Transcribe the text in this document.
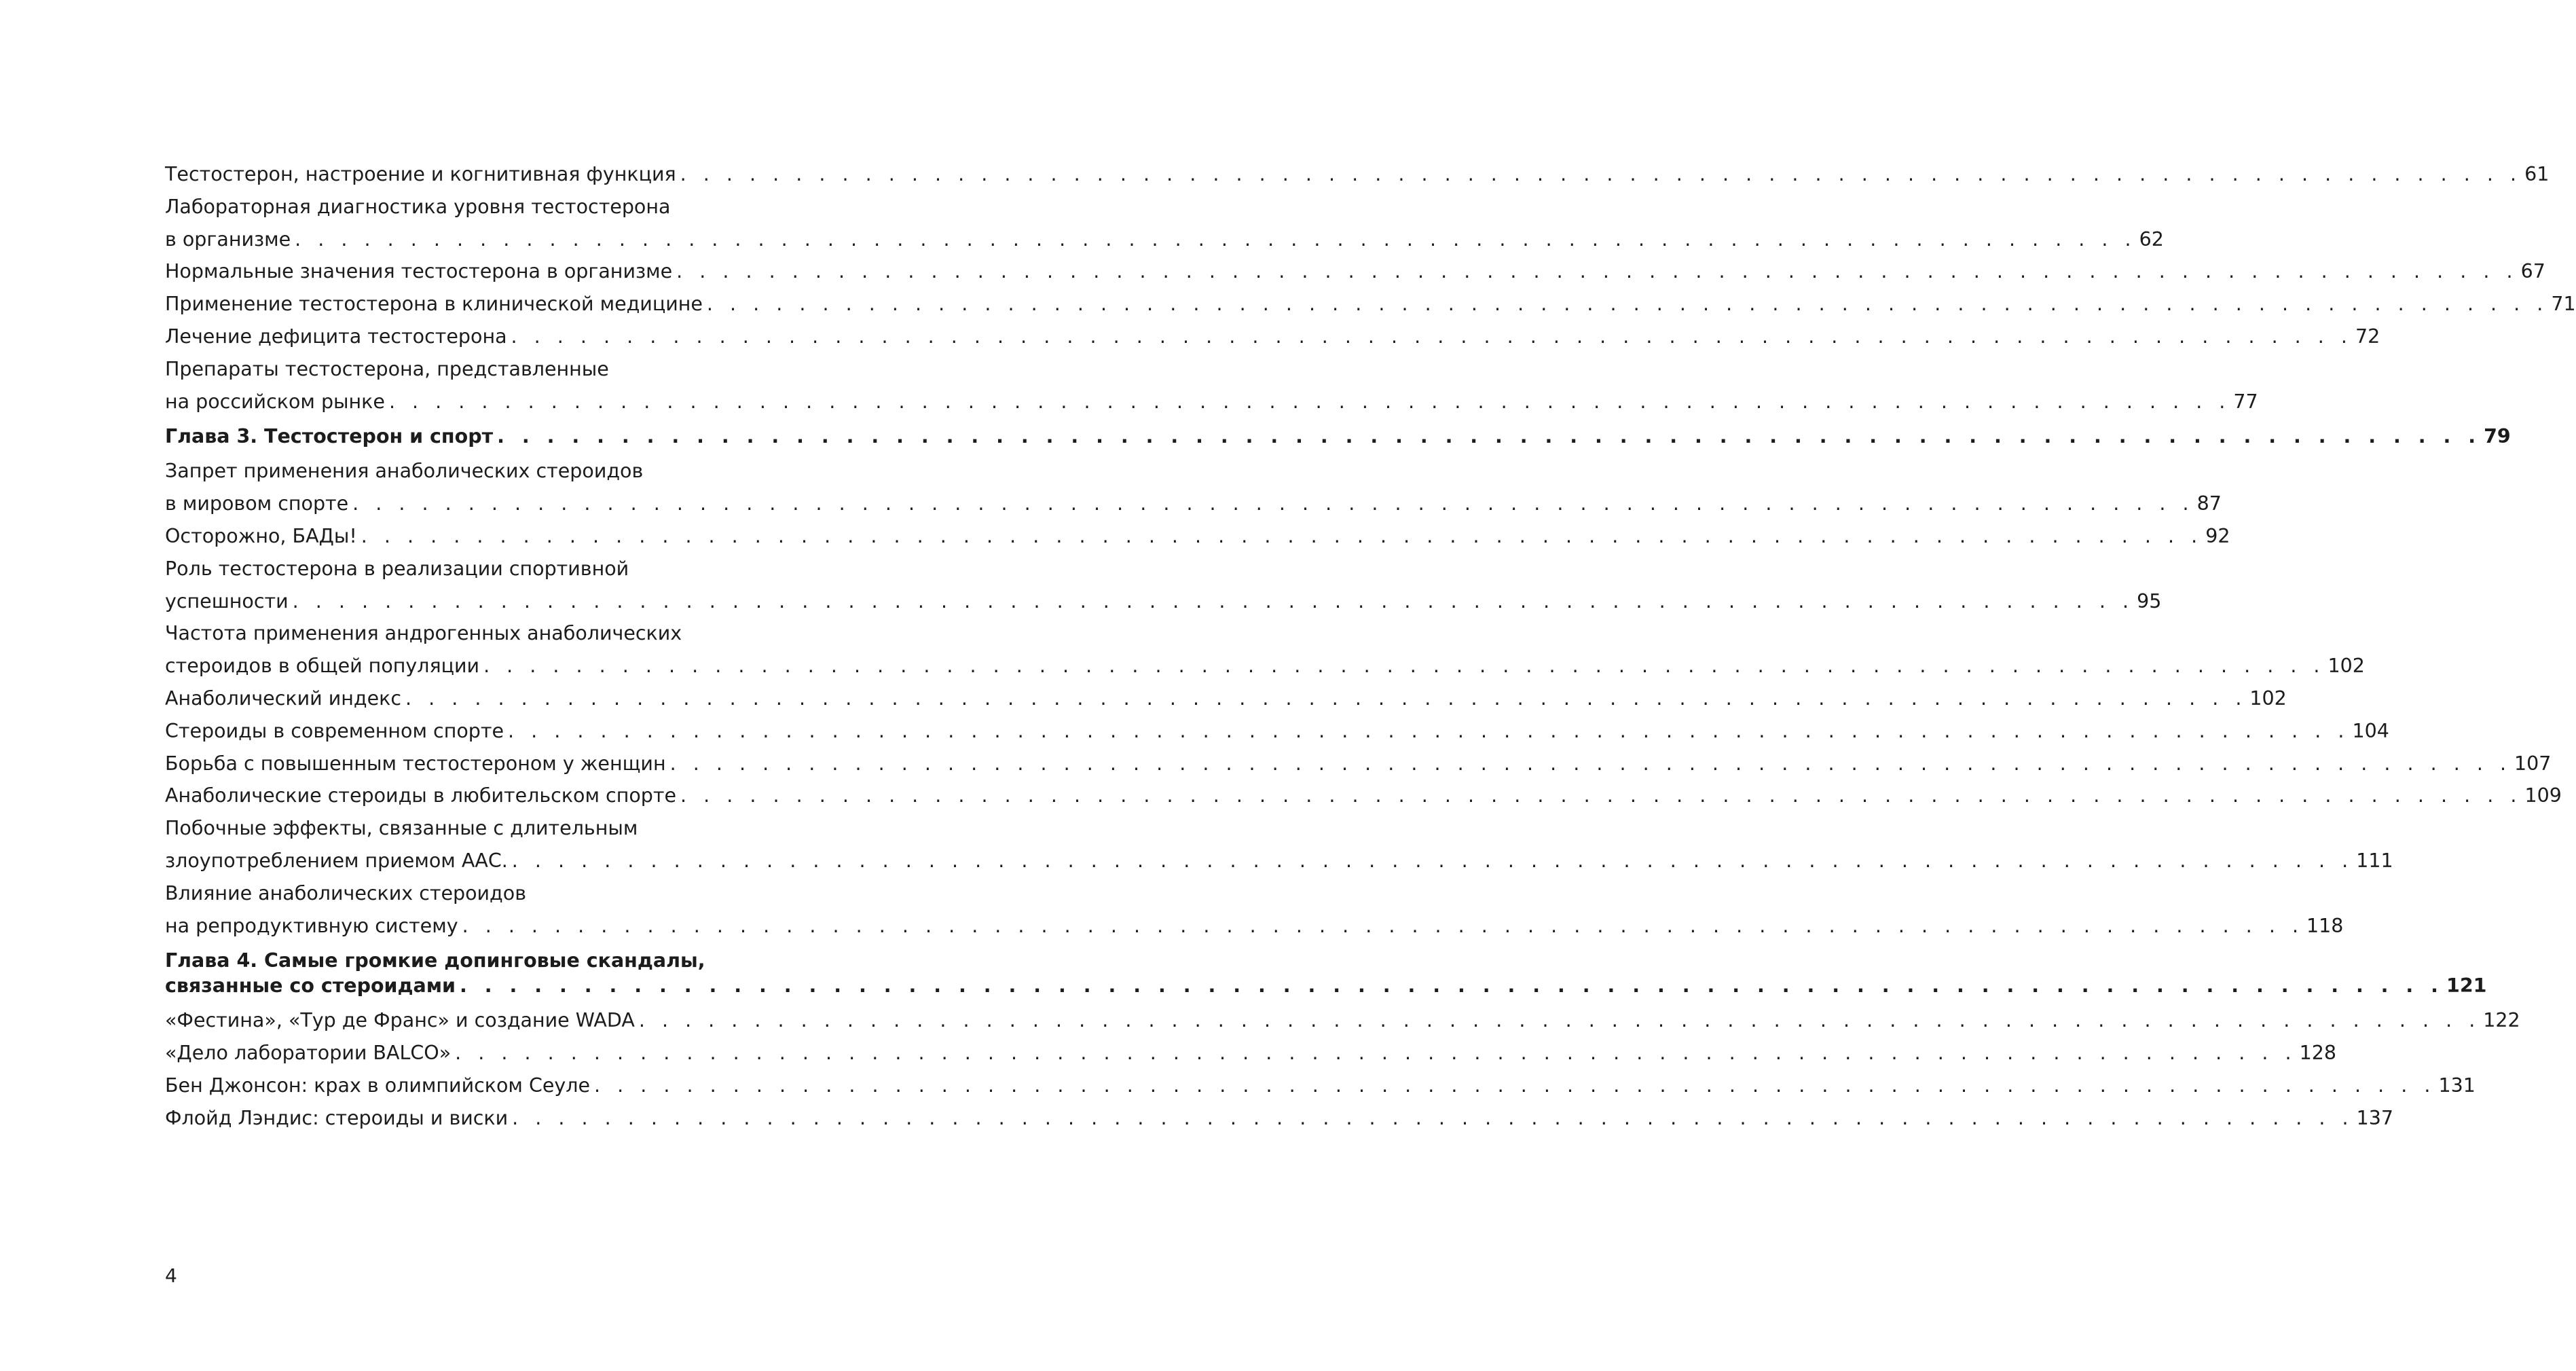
Тестостерон, настроение и когнитивная функция . . . . . . . . . . . . . . . . . . . . . . . . . . . . . . . . . . . . . . . . . . . . . . . . . . . . . . . . . . . . . . . . . . . . . . . . . . . . . . . . 61
Лабораторная диагностика уровня тестостерона
в организме . . . . . . . . . . . . . . . . . . . . . . . . . . . . . . . . . . . . . . . . . . . . . . . . . . . . . . . . . . . . . . . . . . . . . . . . . . . . . . . . 62
Нормальные значения тестостерона в организме . . . . . . . . . . . . . . . . . . . . . . . . . . . . . . . . . . . . . . . . . . . . . . . . . . . . . . . . . . . . . . . . . . . . . . . . . . . . . . . . 67
Применение тестостерона в клинической медицине . . . . . . . . . . . . . . . . . . . . . . . . . . . . . . . . . . . . . . . . . . . . . . . . . . . . . . . . . . . . . . . . . . . . . . . . . . . . . . . . 71
Лечение дефицита тестостерона . . . . . . . . . . . . . . . . . . . . . . . . . . . . . . . . . . . . . . . . . . . . . . . . . . . . . . . . . . . . . . . . . . . . . . . . . . . . . . . . 72
Препараты тестостерона, представленные
на российском рынке . . . . . . . . . . . . . . . . . . . . . . . . . . . . . . . . . . . . . . . . . . . . . . . . . . . . . . . . . . . . . . . . . . . . . . . . . . . . . . . . 77
Глава 3. Тестостерон и спорт . . . . . . . . . . . . . . . . . . . . . . . . . . . . . . . . . . . . . . . . . . . . . . . . . . . . . . . . . . . . . . . . . . . . . . . . . . . . . . . . 79
Запрет применения анаболических стероидов
в мировом спорте . . . . . . . . . . . . . . . . . . . . . . . . . . . . . . . . . . . . . . . . . . . . . . . . . . . . . . . . . . . . . . . . . . . . . . . . . . . . . . . . 87
Осторожно, БАДы! . . . . . . . . . . . . . . . . . . . . . . . . . . . . . . . . . . . . . . . . . . . . . . . . . . . . . . . . . . . . . . . . . . . . . . . . . . . . . . . . 92
Роль тестостерона в реализации спортивной
успешности . . . . . . . . . . . . . . . . . . . . . . . . . . . . . . . . . . . . . . . . . . . . . . . . . . . . . . . . . . . . . . . . . . . . . . . . . . . . . . . . 95
Частота применения андрогенных анаболических
стероидов в общей популяции . . . . . . . . . . . . . . . . . . . . . . . . . . . . . . . . . . . . . . . . . . . . . . . . . . . . . . . . . . . . . . . . . . . . . . . . . . . . . . . . 102
Анаболический индекс . . . . . . . . . . . . . . . . . . . . . . . . . . . . . . . . . . . . . . . . . . . . . . . . . . . . . . . . . . . . . . . . . . . . . . . . . . . . . . . . 102
Стероиды в современном спорте . . . . . . . . . . . . . . . . . . . . . . . . . . . . . . . . . . . . . . . . . . . . . . . . . . . . . . . . . . . . . . . . . . . . . . . . . . . . . . . . 104
Борьба с повышенным тестостероном у женщин . . . . . . . . . . . . . . . . . . . . . . . . . . . . . . . . . . . . . . . . . . . . . . . . . . . . . . . . . . . . . . . . . . . . . . . . . . . . . . . . 107
Анаболические стероиды в любительском спорте . . . . . . . . . . . . . . . . . . . . . . . . . . . . . . . . . . . . . . . . . . . . . . . . . . . . . . . . . . . . . . . . . . . . . . . . . . . . . . . . 109
Побочные эффекты, связанные с длительным
злоупотреблением приемом ААС. . . . . . . . . . . . . . . . . . . . . . . . . . . . . . . . . . . . . . . . . . . . . . . . . . . . . . . . . . . . . . . . . . . . . . . . . . . . . . . . . 111
Влияние анаболических стероидов
на репродуктивную систему . . . . . . . . . . . . . . . . . . . . . . . . . . . . . . . . . . . . . . . . . . . . . . . . . . . . . . . . . . . . . . . . . . . . . . . . . . . . . . . . 118
Глава 4. Самые громкие допинговые скандалы,
связанные со стероидами . . . . . . . . . . . . . . . . . . . . . . . . . . . . . . . . . . . . . . . . . . . . . . . . . . . . . . . . . . . . . . . . . . . . . . . . . . . . . . . . 121
«Фестина», «Тур де Франс» и создание WADA . . . . . . . . . . . . . . . . . . . . . . . . . . . . . . . . . . . . . . . . . . . . . . . . . . . . . . . . . . . . . . . . . . . . . . . . . . . . . . . . 122
«Дело лаборатории BALCO» . . . . . . . . . . . . . . . . . . . . . . . . . . . . . . . . . . . . . . . . . . . . . . . . . . . . . . . . . . . . . . . . . . . . . . . . . . . . . . . . 128
Бен Джонсон: крах в олимпийском Сеуле . . . . . . . . . . . . . . . . . . . . . . . . . . . . . . . . . . . . . . . . . . . . . . . . . . . . . . . . . . . . . . . . . . . . . . . . . . . . . . . . 131
Флойд Лэндис: стероиды и виски . . . . . . . . . . . . . . . . . . . . . . . . . . . . . . . . . . . . . . . . . . . . . . . . . . . . . . . . . . . . . . . . . . . . . . . . . . . . . . . . 137
4
